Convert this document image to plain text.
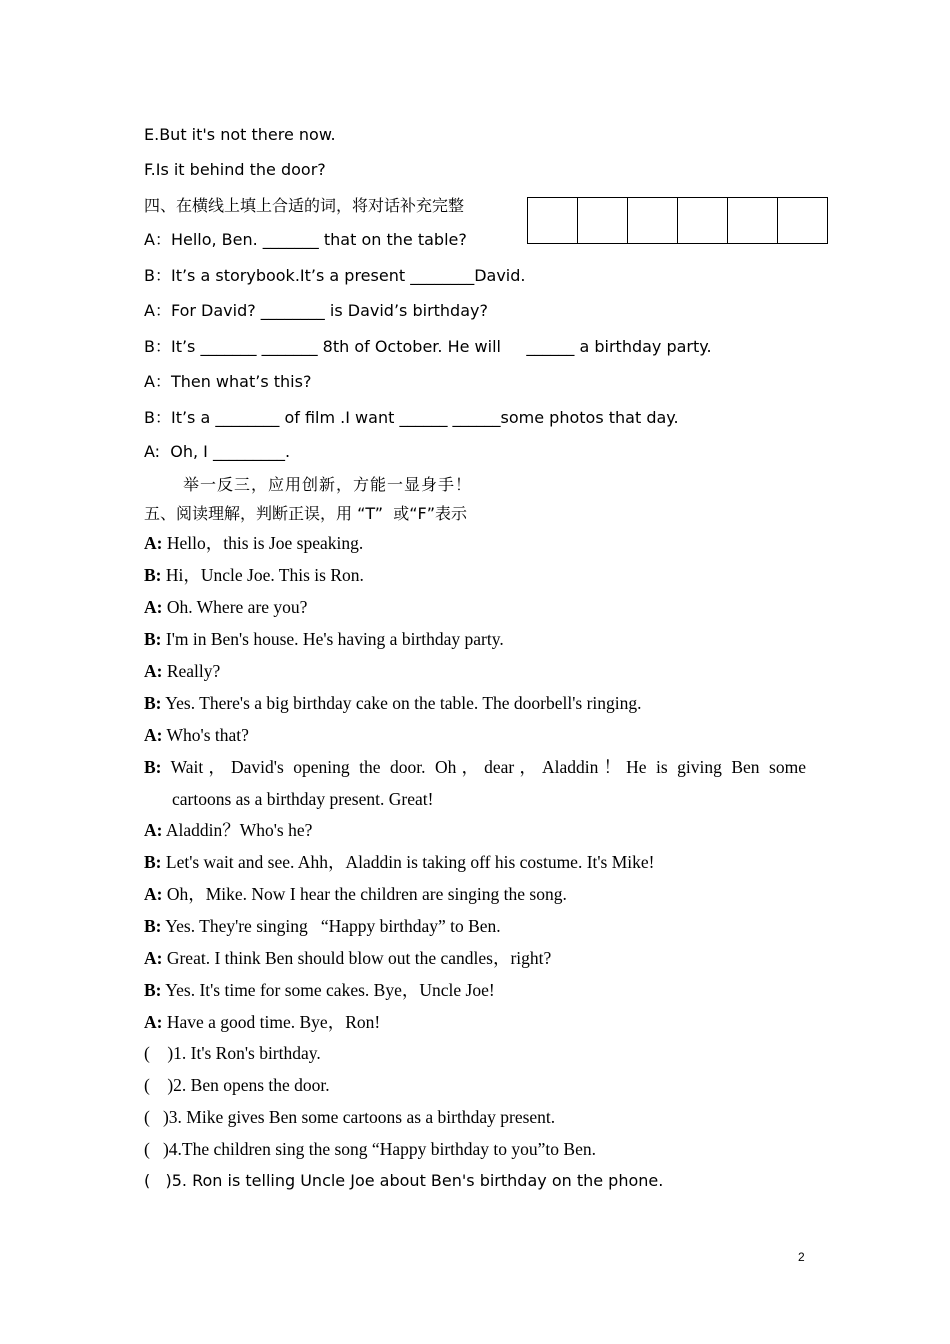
E.But it's not there now.
F.Is it behind the door?
四、在横线上填上合适的词，将对话补充完整

A：Hello, Ben. _______ that on the table?
B：It’s a storybook.It’s a present ________David.
A：For David? ________ is David’s birthday?
B：It’s _______ _______ 8th of October. He will     ______ a birthday party.
A：Then what’s this?
B：It’s a ________ of film .I want ______ ______some photos that day.
A:  Oh, I _________.
举一反三，应用创新，方能一显身手！
五、阅读理解，判断正误，用 “T”  或“F”表示
A: Hello，this is Joe speaking.
B: Hi，Uncle Joe. This is Ron.
A: Oh. Where are you?
B: I'm in Ben's house. He's having a birthday party.
A: Really?
B: Yes. There's a big birthday cake on the table. The doorbell's ringing.
A: Who's that?
B: Wait，David's opening the door. Oh，dear，Aladdin！He is giving Ben some
cartoons as a birthday present. Great!
A: Aladdin？Who's he?
B: Let's wait and see. Ahh，Aladdin is taking off his costume. It's Mike!
A: Oh，Mike. Now I hear the children are singing the song.
B: Yes. They're singing   “Happy birthday” to Ben.
A: Great. I think Ben should blow out the candles，right?
B: Yes. It's time for some cakes. Bye，Uncle Joe!
A: Have a good time. Bye，Ron!
(    )1. It's Ron's birthday.
(    )2. Ben opens the door.
(   )3. Mike gives Ben some cartoons as a birthday present.
(   )4.The children sing the song “Happy birthday to you”to Ben.
(   )5. Ron is telling Uncle Joe about Ben's birthday on the phone.
2
